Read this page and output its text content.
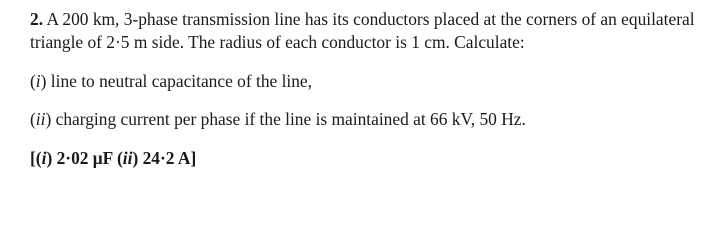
2. A 200 km, 3-phase transmission line has its conductors placed at the corners of an equilateral
triangle of 2·5 m side. The radius of each conductor is 1 cm. Calculate:
(i) line to neutral capacitance of the line,
(ii) charging current per phase if the line is maintained at 66 kV, 50 Hz.
[(i) 2·02 μF (ii) 24·2 A]
